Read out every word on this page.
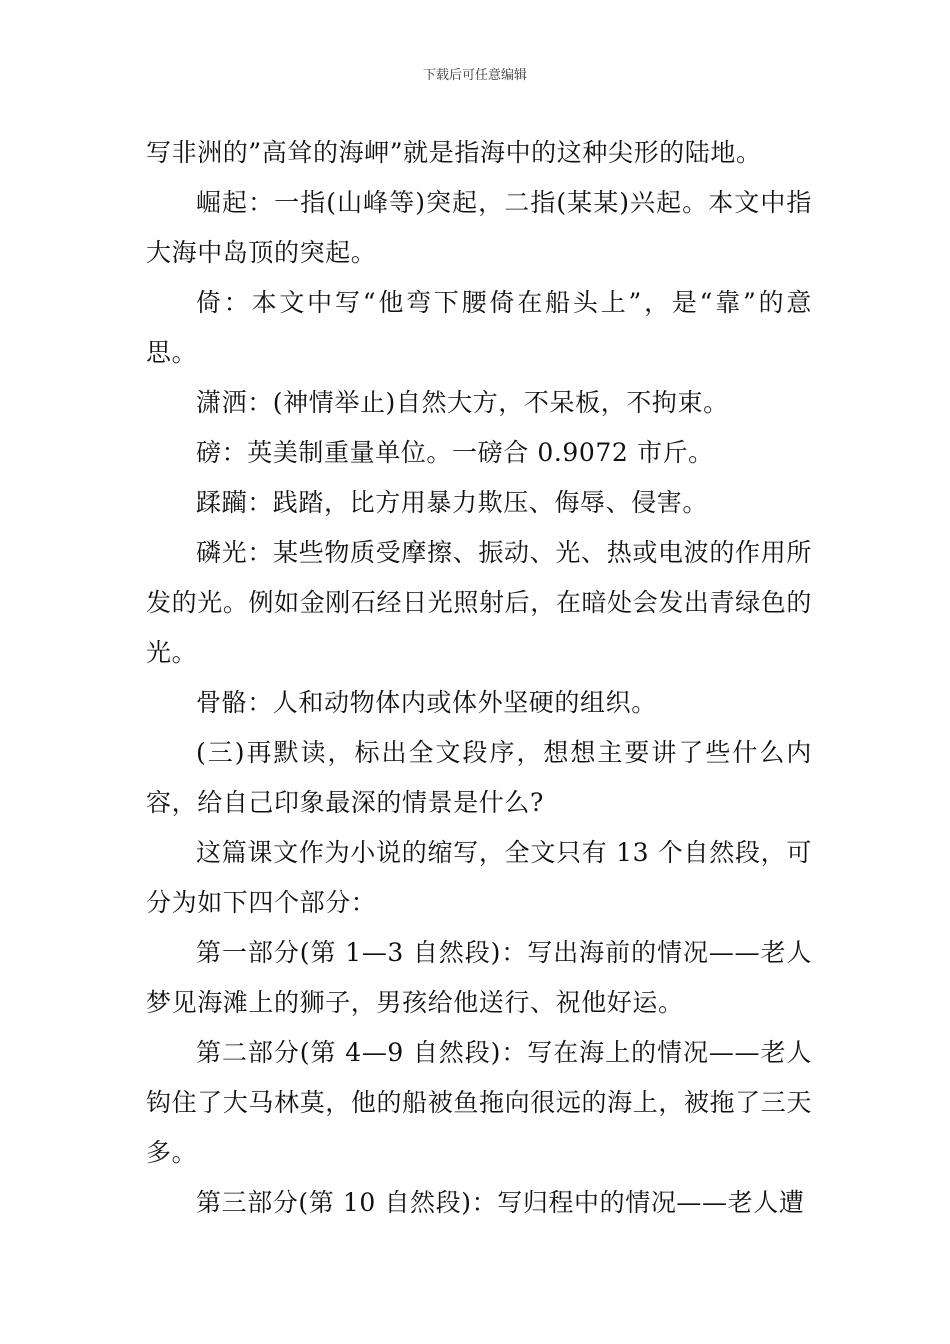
下载后可任意编辑

写非洲的”高耸的海岬”就是指海中的这种尖形的陆地。

崛起：一指(山峰等)突起，二指(某某)兴起。本文中指大海中岛顶的突起。

倚：本文中写“他弯下腰倚在船头上”，是“靠”的意思。

潇洒：(神情举止)自然大方，不呆板，不拘束。

磅：英美制重量单位。一磅合 0.9072 市斤。

蹂躏：践踏，比方用暴力欺压、侮辱、侵害。

磷光：某些物质受摩擦、振动、光、热或电波的作用所发的光。例如金刚石经日光照射后，在暗处会发出青绿色的光。

骨骼：人和动物体内或体外坚硬的组织。

(三)再默读，标出全文段序，想想主要讲了些什么内容，给自己印象最深的情景是什么?

这篇课文作为小说的缩写，全文只有 13 个自然段，可分为如下四个部分：

第一部分(第 1—3 自然段)：写出海前的情况——老人梦见海滩上的狮子，男孩给他送行、祝他好运。

第二部分(第 4—9 自然段)：写在海上的情况——老人钩住了大马林莫，他的船被鱼拖向很远的海上，被拖了三天多。

第三部分(第 10 自然段)：写归程中的情况——老人遭
